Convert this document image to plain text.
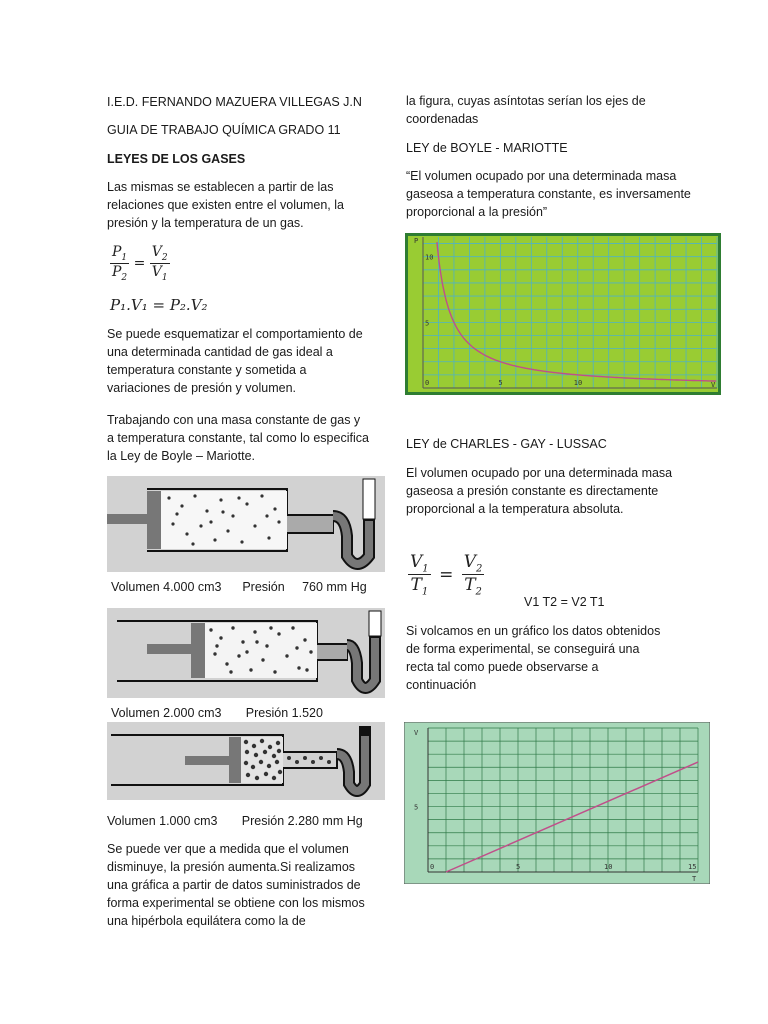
I.E.D. FERNANDO MAZUERA VILLEGAS J.N

GUIA DE TRABAJO QUÍMICA GRADO 11

LEYES DE LOS GASES

Las mismas se establecen a partir de las relaciones que existen entre el volumen, la presión y la temperatura de un gas.

$\frac{P_1}{P_2} = \frac{V_2}{V_1}$
P₁.V₁ = P₂.V₂

Se puede esquematizar el comportamiento de una determinada cantidad de gas ideal a temperatura constante y sometida a variaciones de presión y volumen.

Trabajando con una masa constante de gas y a temperatura constante, tal como lo especifica la Ley de Boyle – Mariotte.

Volumen 4.000 cm3      Presión     760 mm Hg

Volumen 2.000 cm3       Presión 1.520

Volumen 1.000 cm3       Presión 2.280 mm Hg

Se puede ver que a medida que el volumen disminuye, la presión aumenta.Si realizamos una gráfica a partir de datos suministrados de forma experimental se obtiene con los mismos una hipérbola equilátera como la de

la figura, cuyas asíntotas serían los ejes de coordenadas

LEY de BOYLE - MARIOTTE

“El volumen ocupado por una determinada masa gaseosa a temperatura constante, es inversamente proporcional a la presión”

P
10
5
0	5	10	V

LEY de CHARLES - GAY - LUSSAC

El volumen ocupado por una determinada masa gaseosa a presión constante es directamente proporcional a la temperatura absoluta.

$\frac{V_1}{T_1} = \frac{V_2}{T_2}$

V1 T2 = V2 T1

Si volcamos en un gráfico los datos obtenidos de forma experimental, se conseguirá una recta tal como puede observarse a continuación

V
5
0	5	10	15
T
